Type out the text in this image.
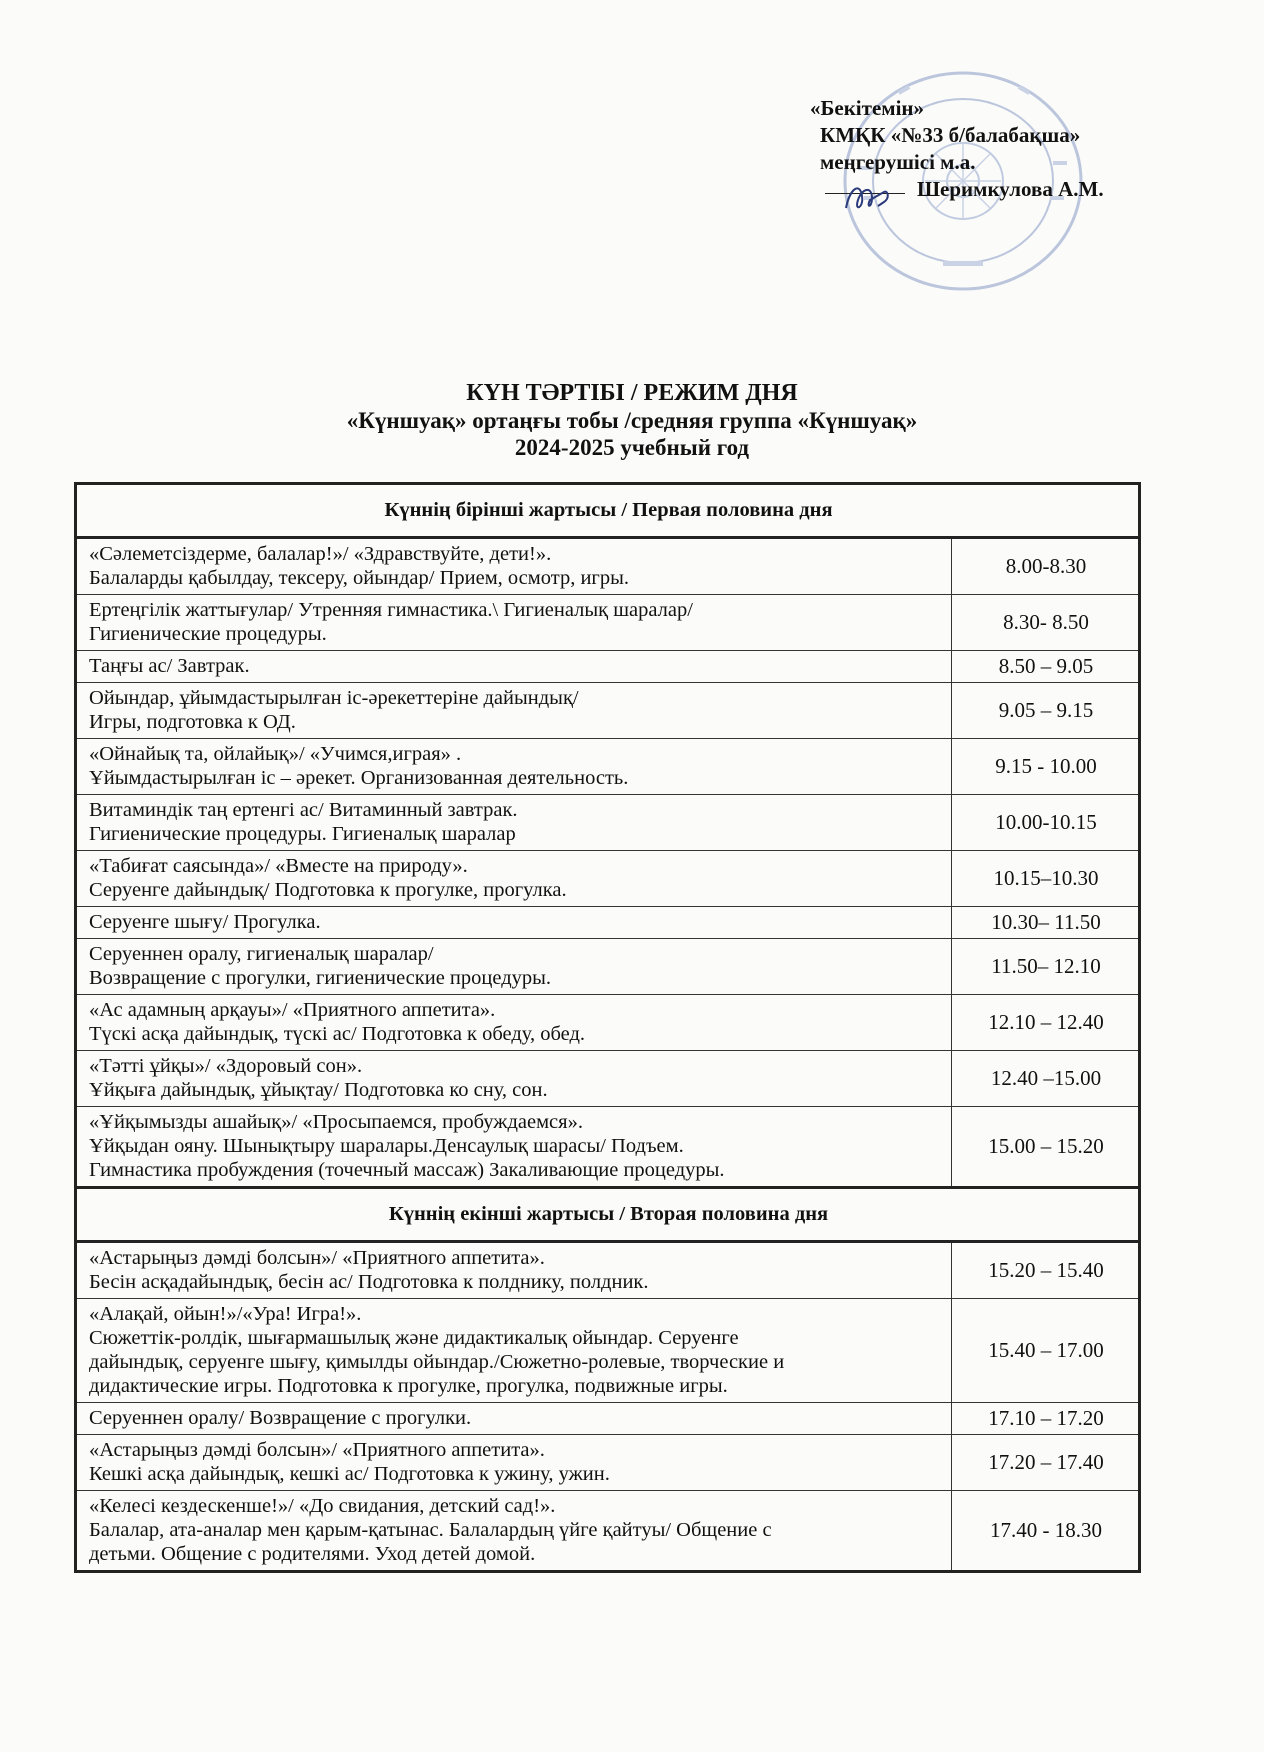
«Бекітемін»
КМҚК «№33 б/балабақша»
меңгерушісі м.а.
Шеримкулова А.М.
КҮН ТӘРТІБІ / РЕЖИМ ДНЯ
«Күншуақ» ортаңғы тобы /средняя группа «Күншуақ»
2024-2025 учебный год
Күннің бірінші жартысы / Первая половина дня	

«Сәлеметсіздерме, балалар!»/ «Здравствуйте, дети!».
Балаларды қабылдау, тексеру, ойындар/ Прием, осмотр, игры.	8.00-8.30

Ертеңгілік жаттығулар/ Утренняя гимнастика.\ Гигиеналық шаралар/
Гигиенические процедуры.	8.30- 8.50

Таңғы ас/ Завтрак.	8.50 – 9.05

Ойындар, ұйымдастырылған іс-әрекеттеріне дайындық/
Игры, подготовка к ОД.	9.05 – 9.15

«Ойнайық та, ойлайық»/ «Учимся,играя» .
Ұйымдастырылған іс – әрекет. Организованная деятельность.	9.15 - 10.00

Витаминдік таң ертенгі ас/ Витаминный завтрак.
Гигиенические процедуры. Гигиеналық шаралар	10.00-10.15

«Табиғат саясында»/ «Вместе на природу».
Серуенге дайындық/ Подготовка к прогулке, прогулка.	10.15–10.30

Серуенге шығу/ Прогулка.	10.30– 11.50

Серуеннен оралу, гигиеналық шаралар/
Возвращение с прогулки, гигиенические процедуры.	11.50– 12.10

«Ас адамның арқауы»/ «Приятного аппетита».
Түскі асқа дайындық, түскі ас/ Подготовка к обеду, обед.	12.10 – 12.40

«Тәтті ұйқы»/ «Здоровый сон».
Ұйқыға дайындық, ұйықтау/ Подготовка ко сну, сон.	12.40 –15.00

«Ұйқымызды ашайық»/ «Просыпаемся, пробуждаемся».
Ұйқыдан ояну. Шынықтыру шаралары.Денсаулық шарасы/ Подъем.
Гимнастика пробуждения (точечный массаж) Закаливающие процедуры.	15.00 – 15.20
Күннің екінші жартысы / Вторая половина дня	

«Астарыңыз дәмді болсын»/ «Приятного аппетита».
Бесін асқадайындық, бесін ас/ Подготовка к полднику, полдник.	15.20 – 15.40

«Алақай, ойын!»/«Ура! Игра!».
Сюжеттік-ролдік, шығармашылық және дидактикалық ойындар. Серуенге
дайындық, серуенге шығу, қимылды ойындар./Сюжетно-ролевые, творческие и
дидактические игры. Подготовка к прогулке, прогулка, подвижные игры.	15.40 – 17.00

Серуеннен оралу/ Возвращение с прогулки.	17.10 – 17.20

«Астарыңыз дәмді болсын»/ «Приятного аппетита».
Кешкі асқа дайындық, кешкі ас/ Подготовка к ужину, ужин.	17.20 – 17.40

«Келесі кездескенше!»/ «До свидания, детский сад!».
Балалар, ата-аналар мен қарым-қатынас. Балалардың үйге қайтуы/ Общение с
детьми. Общение с родителями. Уход детей домой.	17.40 - 18.30
